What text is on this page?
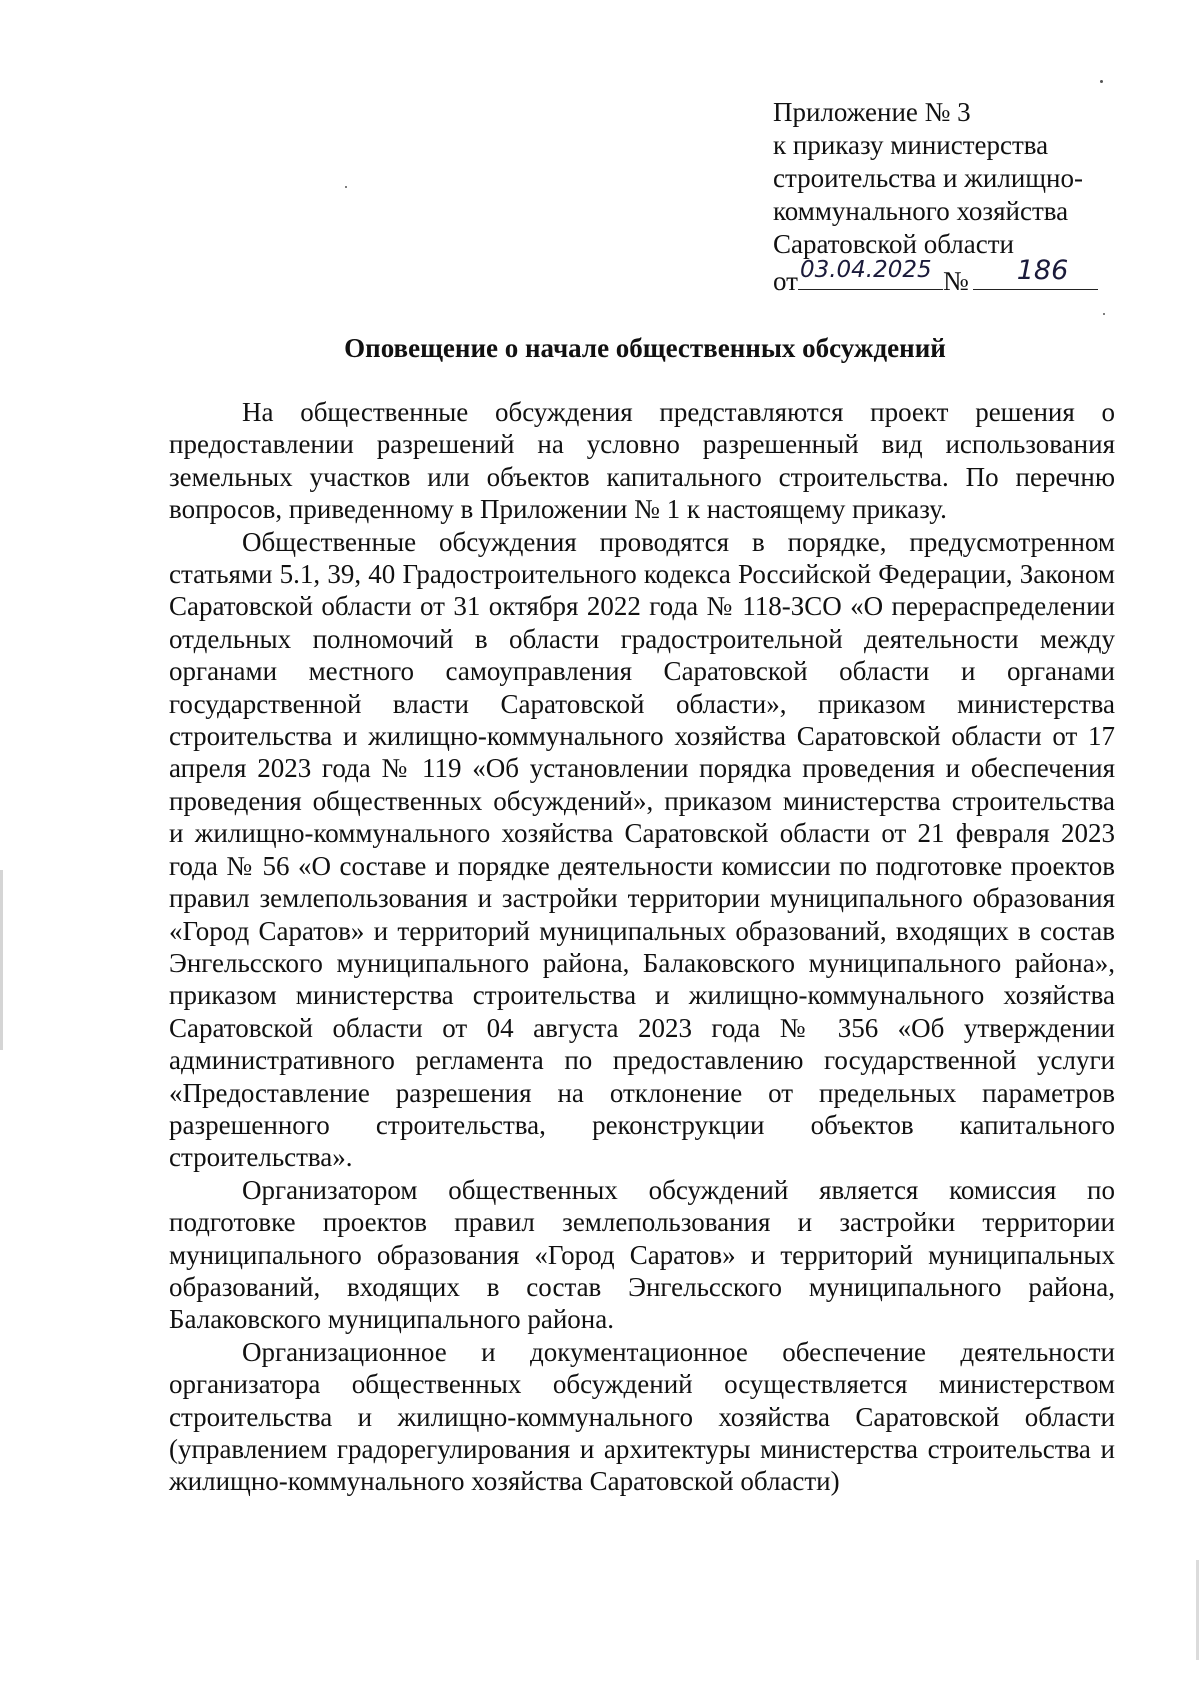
Приложение № 3
к приказу министерства
строительства и жилищно-
коммунального хозяйства
Саратовской области
от 03.04.2025 № 186
Оповещение о начале общественных обсуждений

На общественные обсуждения представляются проект решения о предоставлении разрешений на условно разрешенный вид использования земельных участков или объектов капитального строительства. По перечню вопросов, приведенному в Приложении № 1 к настоящему приказу.

Общественные обсуждения проводятся в порядке, предусмотренном статьями 5.1, 39, 40 Градостроительного кодекса Российской Федерации, Законом Саратовской области от 31 октября 2022 года № 118-ЗСО «О перераспределении отдельных полномочий в области градостроительной деятельности между органами местного самоуправления Саратовской области и органами государственной власти Саратовской области», приказом министерства строительства и жилищно-коммунального хозяйства Саратовской области от 17 апреля 2023 года № 119 «Об установлении порядка проведения и обеспечения проведения общественных обсуждений», приказом министерства строительства и жилищно-коммунального хозяйства Саратовской области от 21 февраля 2023 года № 56 «О составе и порядке деятельности комиссии по подготовке проектов правил землепользования и застройки территории муниципального образования «Город Саратов» и территорий муниципальных образований, входящих в состав Энгельсского муниципального района, Балаковского муниципального района», приказом министерства строительства и жилищно-коммунального хозяйства Саратовской области от 04 августа 2023 года № 356 «Об утверждении административного регламента по предоставлению государственной услуги «Предоставление разрешения на отклонение от предельных параметров разрешенного строительства, реконструкции объектов капитального строительства».

Организатором общественных обсуждений является комиссия по подготовке проектов правил землепользования и застройки территории муниципального образования «Город Саратов» и территорий муниципальных образований, входящих в состав Энгельсского муниципального района, Балаковского муниципального района.

Организационное и документационное обеспечение деятельности организатора общественных обсуждений осуществляется министерством строительства и жилищно-коммунального хозяйства Саратовской области (управлением градорегулирования и архитектуры министерства строительства и жилищно-коммунального хозяйства Саратовской области)
